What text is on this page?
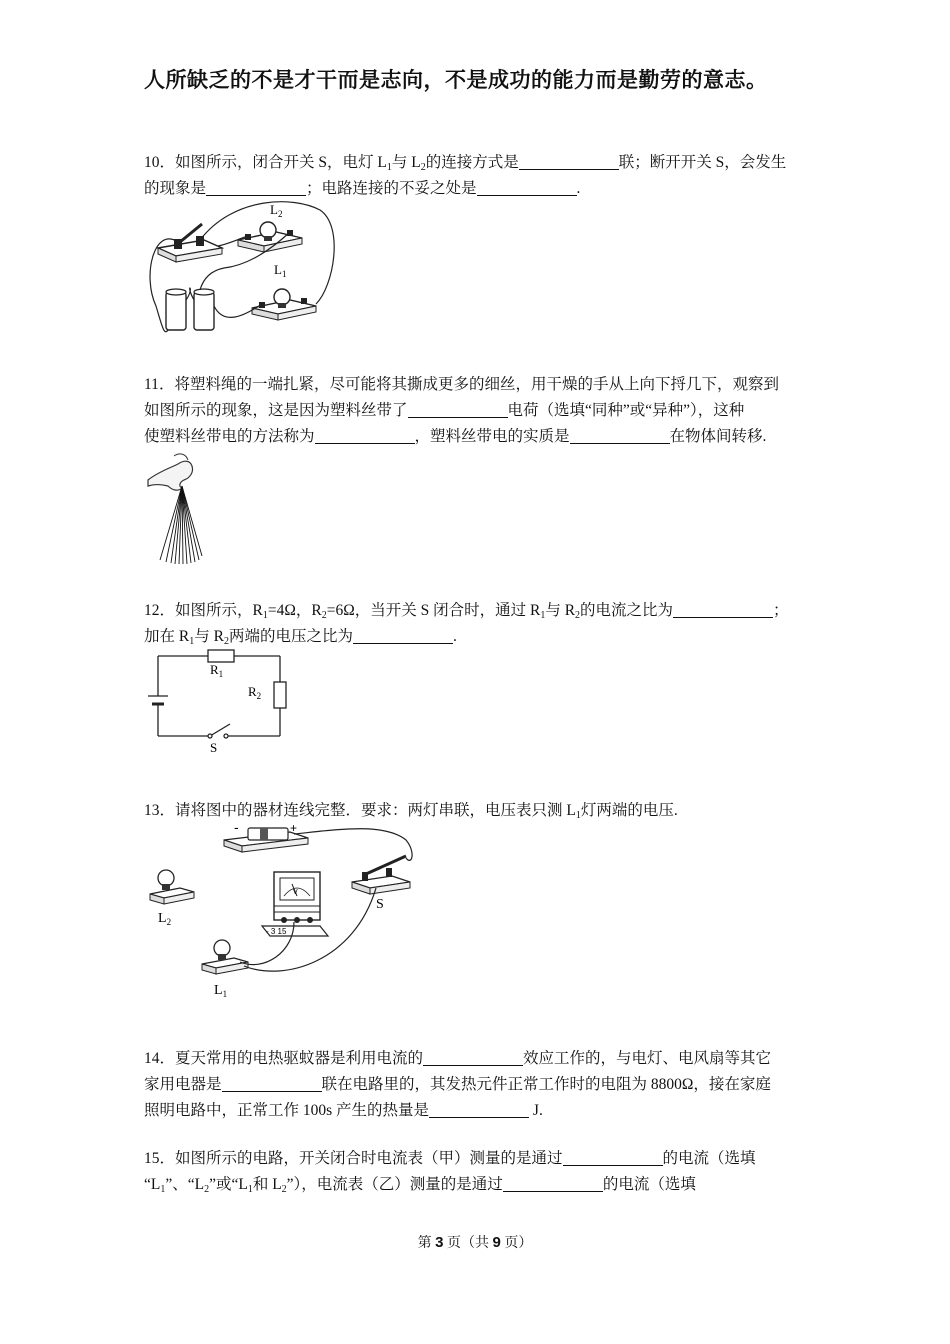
人所缺乏的不是才干而是志向，不是成功的能力而是勤劳的意志。
10．如图所示，闭合开关 S，电灯 $L_1$与 $L_2$的连接方式是	联；断开开关 S，会发生
的现象是	；电路连接的不妥之处是	.
$L_2$
$L_1$
11．将塑料绳的一端扎紧，尽可能将其撕成更多的细丝，用干燥的手从上向下捋几下，观察到
如图所示的现象，这是因为塑料丝带了	电荷（选填“同种”或“异种”），这种
使塑料丝带电的方法称为	，塑料丝带电的实质是	在物体间转移.
12．如图所示，$R_1=4\Omega$，$R_2=6\Omega$，当开关 S 闭合时，通过 $R_1$与 $R_2$的电流之比为	；
加在 $R_1$与 $R_2$两端的电压之比为	.
$R_1$
$R_2$
S
13．请将图中的器材连线完整．要求：两灯串联，电压表只测 $L_1$灯两端的电压.
-	+
S
V
- 3 15
$L_2$
$L_1$
14．夏天常用的电热驱蚊器是利用电流的	效应工作的，与电灯、电风扇等其它
家用电器是	联在电路里的，其发热元件正常工作时的电阻为 8800Ω，接在家庭
照明电路中，正常工作 100s 产生的热量是	J.
15．如图所示的电路，开关闭合时电流表（甲）测量的是通过	的电流（选填
“$L_1$”、“$L_2$”或“$L_1$和 $L_2$”），电流表（乙）测量的是通过	的电流（选填
第 3 页（共 9 页）
